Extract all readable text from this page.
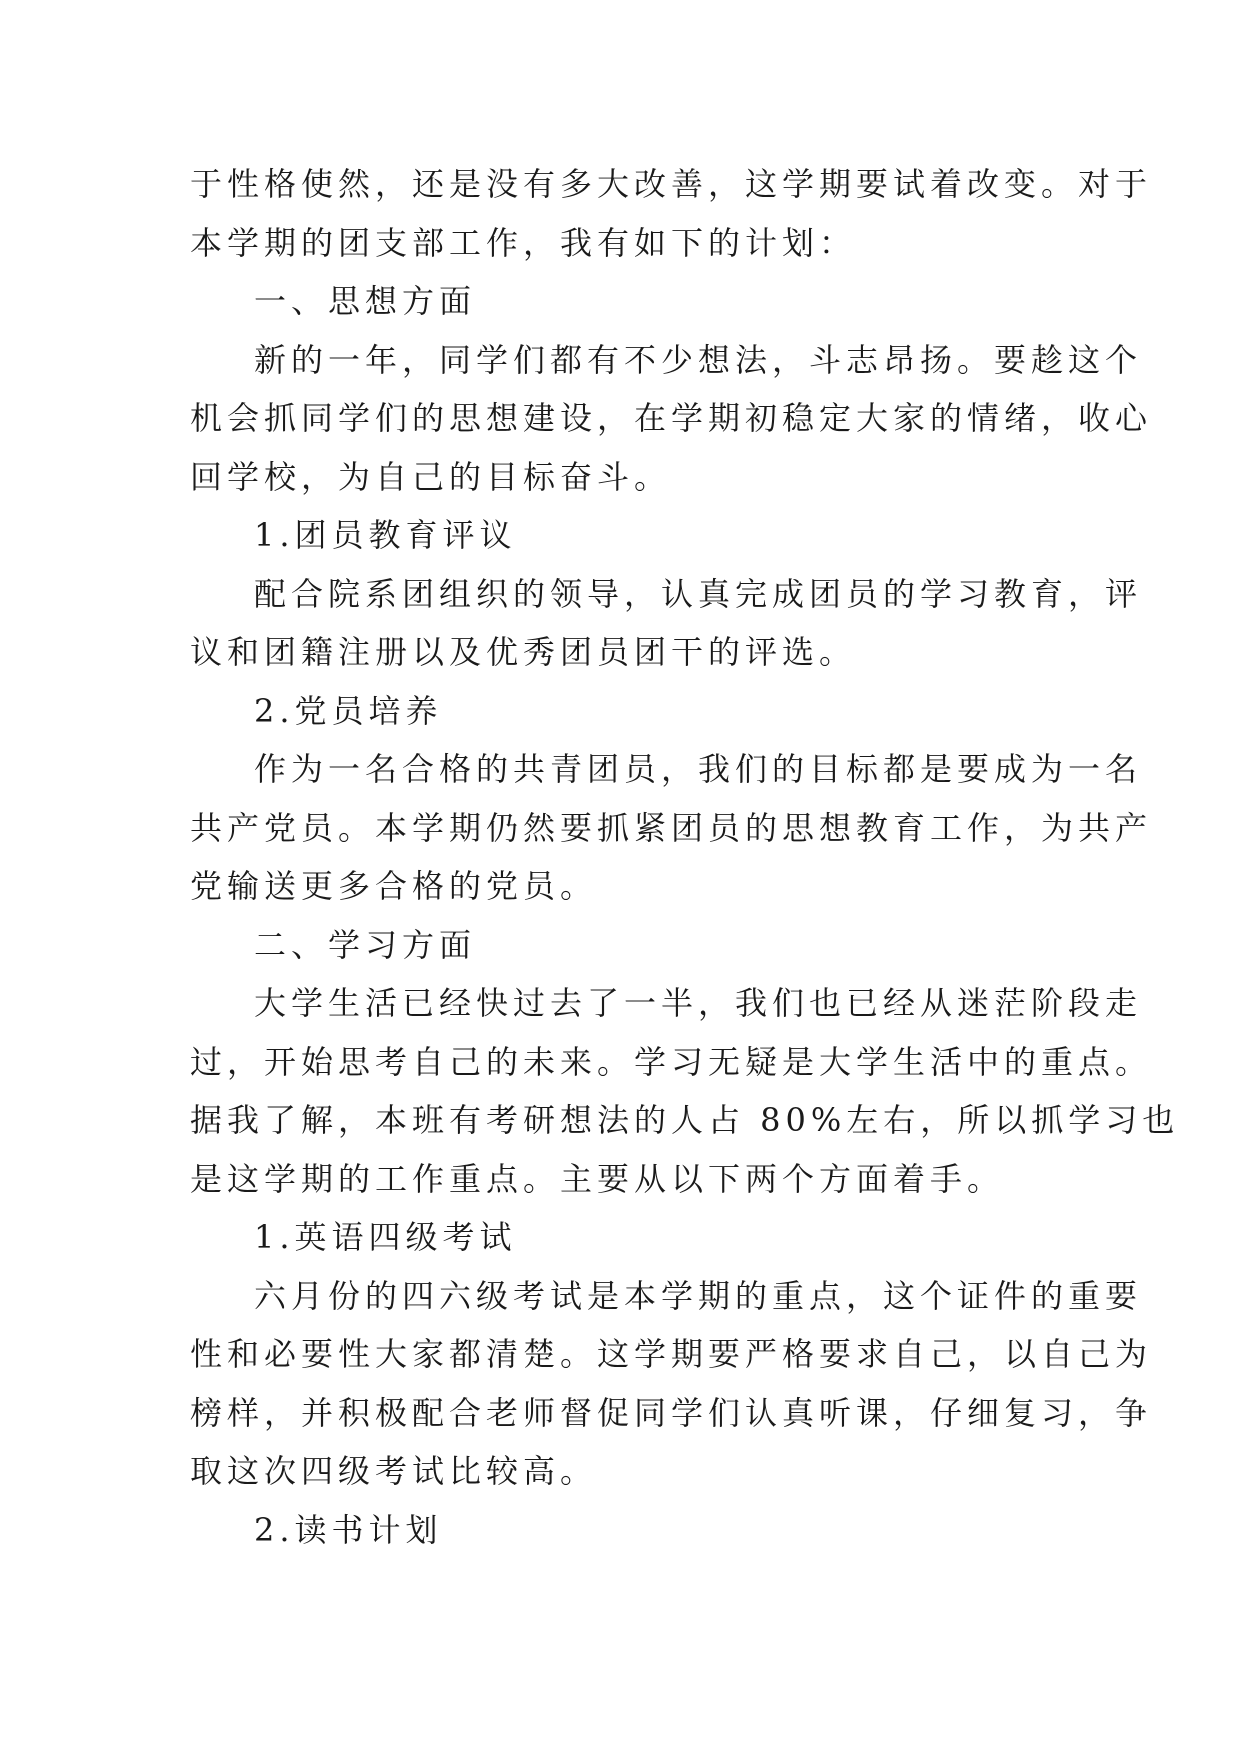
于性格使然，还是没有多大改善，这学期要试着改变。对于
本学期的团支部工作，我有如下的计划：
一、思想方面
新的一年，同学们都有不少想法，斗志昂扬。要趁这个
机会抓同学们的思想建设，在学期初稳定大家的情绪，收心
回学校，为自己的目标奋斗。
1.团员教育评议
配合院系团组织的领导，认真完成团员的学习教育，评
议和团籍注册以及优秀团员团干的评选。
2.党员培养
作为一名合格的共青团员，我们的目标都是要成为一名
共产党员。本学期仍然要抓紧团员的思想教育工作，为共产
党输送更多合格的党员。
二、学习方面
大学生活已经快过去了一半，我们也已经从迷茫阶段走
过，开始思考自己的未来。学习无疑是大学生活中的重点。
据我了解，本班有考研想法的人占 80%左右，所以抓学习也
是这学期的工作重点。主要从以下两个方面着手。
1.英语四级考试
六月份的四六级考试是本学期的重点，这个证件的重要
性和必要性大家都清楚。这学期要严格要求自己，以自己为
榜样，并积极配合老师督促同学们认真听课，仔细复习，争
取这次四级考试比较高。
2.读书计划
